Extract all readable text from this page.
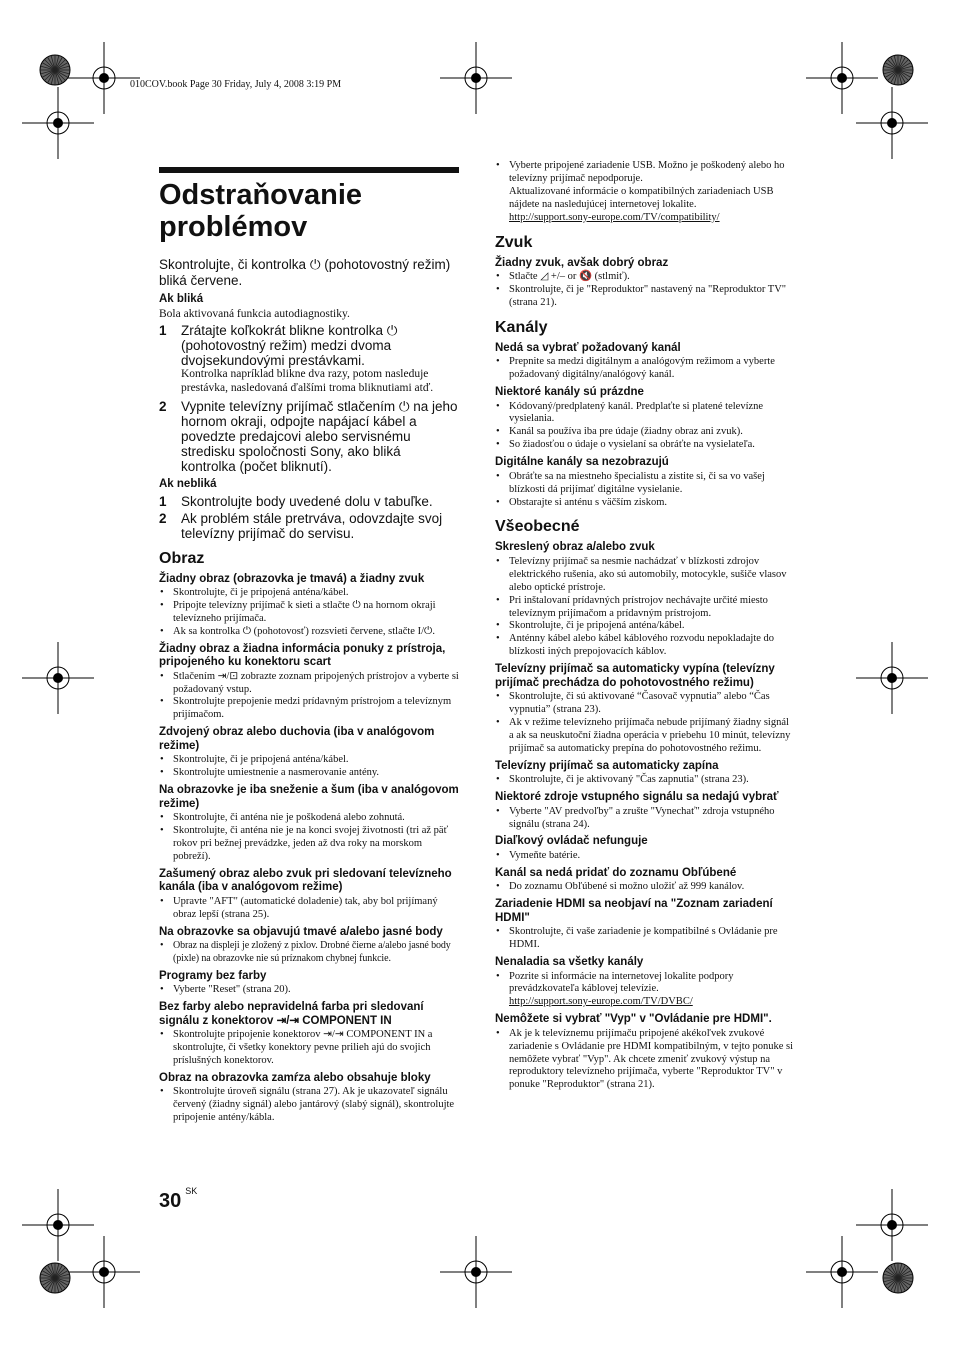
010COV.book Page 30 Friday, July 4, 2008 3:19 PM
Odstraňovanie problémov

Skontrolujte, či kontrolka ⏻ (pohotovostný režim) bliká červene.

Ak bliká

Bola aktivovaná funkcia autodiagnostiky.

1	Zrátajte koľkokrát blikne kontrolka ⏻ (pohotovostný režim) medzi dvoma dvojsekundovými prestávkami.

Kontrolka napríklad blikne dva razy, potom nasleduje prestávka, nasledovaná ďalšími troma bliknutiami atď.

2	Vypnite televízny prijímač stlačením ⏻ na jeho hornom okraji, odpojte napájací kábel a povedzte predajcovi alebo servisnému stredisku spoločnosti Sony, ako bliká kontrolka (počet bliknutí).
Ak nebliká
1	Skontrolujte body uvedené dolu v tabuľke.
2	Ak problém stále pretrváva, odovzdajte svoj televízny prijímač do servisu.
Obraz
Žiadny obraz (obrazovka je tmavá) a žiadny zvuk
• Skontrolujte, či je pripojená anténa/kábel.
• Pripojte televízny prijímač k sieti a stlačte ⏻ na hornom okraji televízneho prijímača.
• Ak sa kontrolka ⏻ (pohotovosť) rozsvieti červene, stlačte I/⏻.
Žiadny obraz a žiadna informácia ponuky z prístroja, pripojeného ku konektoru scart
• Stlačením ⇥/⊡ zobrazte zoznam pripojených prístrojov a vyberte si požadovaný vstup.
• Skontrolujte prepojenie medzi prídavným prístrojom a televíznym prijímačom.
Zdvojený obraz alebo duchovia (iba v analógovom režime)
• Skontrolujte, či je pripojená anténa/kábel.
• Skontrolujte umiestnenie a nasmerovanie antény.
Na obrazovke je iba sneženie a šum (iba v analógovom režime)
• Skontrolujte, či anténa nie je poškodená alebo zohnutá.
• Skontrolujte, či anténa nie je na konci svojej životnosti (tri až päť rokov pri bežnej prevádzke, jeden až dva roky na morskom pobreží).
Zašumený obraz alebo zvuk pri sledovaní televízneho kanála (iba v analógovom režime)
• Upravte "AFT" (automatické doladenie) tak, aby bol prijímaný obraz lepší (strana 25).
Na obrazovke sa objavujú tmavé a/alebo jasné body
• Obraz na displeji je zložený z pixlov. Drobné čierne a/alebo jasné body (pixle) na obrazovke nie sú príznakom chybnej funkcie.
Programy bez farby
• Vyberte "Reset" (strana 20).
Bez farby alebo nepravidelná farba pri sledovaní signálu z konektorov ⇥/⇥ COMPONENT IN
• Skontrolujte pripojenie konektorov ⇥/⇥ COMPONENT IN a skontrolujte, či všetky konektory pevne prilieh ajú do svojich príslušných konektorov.
Obraz na obrazovka zamŕza alebo obsahuje bloky
• Skontrolujte úroveň signálu (strana 27). Ak je ukazovateľ signálu červený (žiadny signál) alebo jantárový (slabý signál), skontrolujte pripojenie antény/kábla.
• Vyberte pripojené zariadenie USB. Možno je poškodený alebo ho televízny prijímač nepodporuje.

Aktualizované informácie o kompatibilných zariadeniach USB nájdete na nasledujúcej internetovej lokalite.

http://support.sony-europe.com/TV/compatibility/

Zvuk
Žiadny zvuk, avšak dobrý obraz
• Stlačte ◿ +/– or 🔇 (stlmiť).
• Skontrolujte, či je "Reproduktor" nastavený na "Reproduktor TV" (strana 21).
Kanály
Nedá sa vybrať požadovaný kanál
• Prepnite sa medzi digitálnym a analógovým režimom a vyberte požadovaný digitálny/analógový kanál.
Niektoré kanály sú prázdne
• Kódovaný/predplatený kanál. Predplaťte si platené televízne vysielania.
• Kanál sa používa iba pre údaje (žiadny obraz ani zvuk).
• So žiadosťou o údaje o vysielaní sa obráťte na vysielateľa.
Digitálne kanály sa nezobrazujú
• Obráťte sa na miestneho špecialistu a zistite si, či sa vo vašej blízkosti dá prijímať digitálne vysielanie.
• Obstarajte si anténu s väčším ziskom.
Všeobecné
Skreslený obraz a/alebo zvuk
• Televízny prijímač sa nesmie nachádzať v blízkosti zdrojov elektrického rušenia, ako sú automobily, motocykle, sušiče vlasov alebo optické prístroje.
• Pri inštalovaní prídavných prístrojov nechávajte určité miesto televíznym prijímačom a prídavným prístrojom.
• Skontrolujte, či je pripojená anténa/kábel.
• Anténny kábel alebo kábel káblového rozvodu nepokladajte do blízkosti iných prepojovacích káblov.
Televízny prijímač sa automaticky vypína (televízny prijímač prechádza do pohotovostného režimu)
• Skontrolujte, či sú aktivované “Časovač vypnutia” alebo “Čas vypnutia” (strana 23).
• Ak v režime televízneho prijímača nebude prijímaný žiadny signál a ak sa neuskutoční žiadna operácia v priebehu 10 minút, televízny prijímač sa automaticky prepína do pohotovostného režimu.
Televízny prijímač sa automaticky zapína
• Skontrolujte, či je aktivovaný "Čas zapnutia" (strana 23).
Niektoré zdroje vstupného signálu sa nedajú vybrať
• Vyberte "AV predvoľby" a zrušte "Vynechať" zdroja vstupného signálu (strana 24).
Diaľkový ovládač nefunguje
• Vymeňte batérie.
Kanál sa nedá pridať do zoznamu Obľúbené
• Do zoznamu Obľúbené si možno uložiť až 999 kanálov.
Zariadenie HDMI sa neobjaví na "Zoznam zariadení HDMI"
• Skontrolujte, či vaše zariadenie je kompatibilné s Ovládanie pre HDMI.
Nenaladia sa všetky kanály
• Pozrite si informácie na internetovej lokalite podpory prevádzkovateľa káblovej televízie.

http://support.sony-europe.com/TV/DVBC/

Nemôžete si vybrať "Vyp" v "Ovládanie pre HDMI".
• Ak je k televíznemu prijímaču pripojené akékoľvek zvukové zariadenie s Ovládanie pre HDMI kompatibilným, v tejto ponuke si nemôžete vybrať "Vyp". Ak chcete zmeniť zvukový výstup na reproduktory televízneho prijímača, vyberte "Reproduktor TV" v ponuke "Reproduktor" (strana 21).
30 $^{SK}$
